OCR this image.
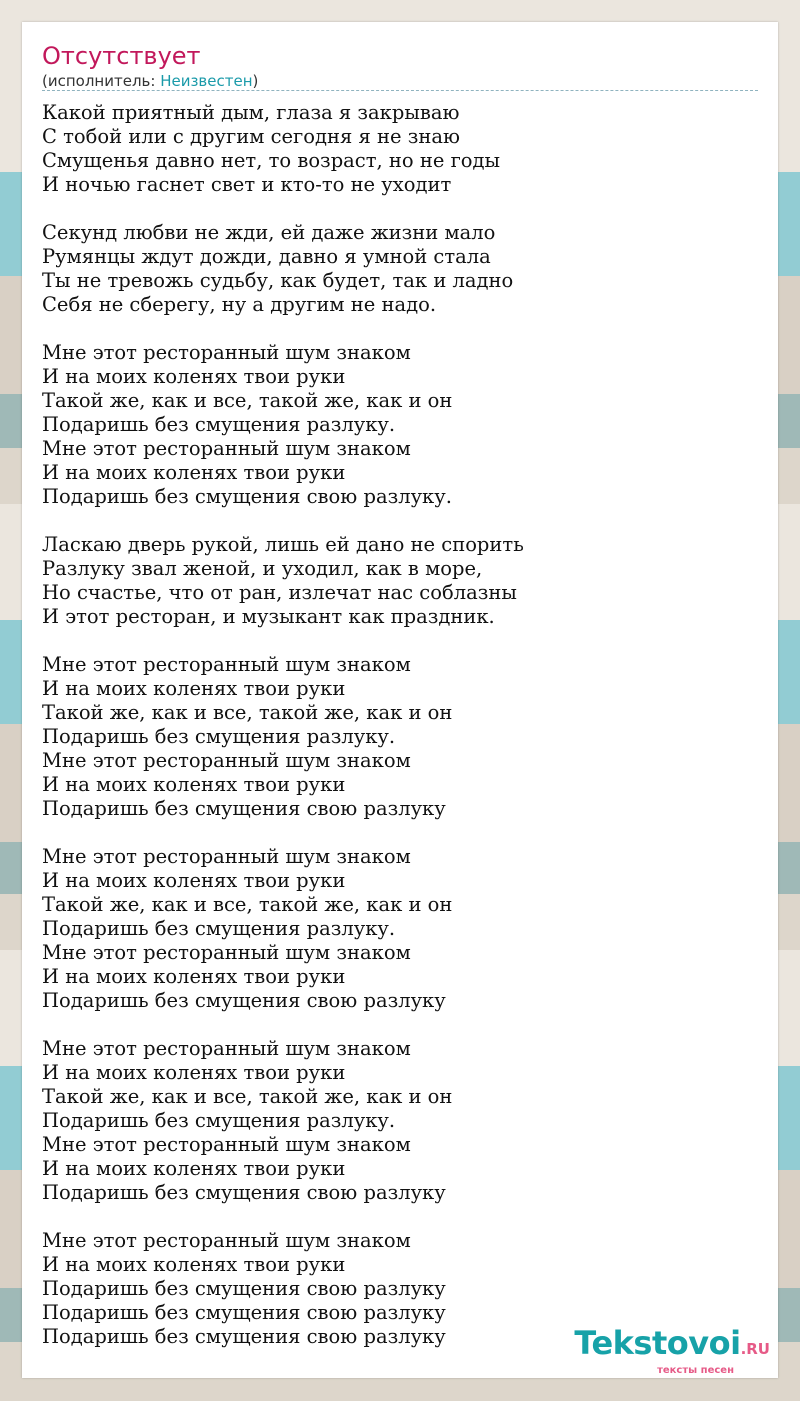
Отсутствует
(исполнитель: Неизвестен)
Какой приятный дым, глаза я закрываю
С тобой или с другим сегодня я не знаю
Смущенья давно нет, то возраст, но не годы
И ночью гаснет свет и кто-то не уходит
Секунд любви не жди, ей даже жизни мало
Румянцы ждут дожди, давно я умной стала
Ты не тревожь судьбу, как будет, так и ладно
Себя не сберегу, ну а другим не надо.
Мне этот ресторанный шум знаком
И на моих коленях твои руки
Такой же, как и все, такой же, как и он
Подаришь без смущения разлуку.
Мне этот ресторанный шум знаком
И на моих коленях твои руки
Подаришь без смущения свою разлуку.
Ласкаю дверь рукой, лишь ей дано не спорить
Разлуку звал женой, и уходил, как в море,
Но счастье, что от ран, излечат нас соблазны
И этот ресторан, и музыкант как праздник.
Мне этот ресторанный шум знаком
И на моих коленях твои руки
Такой же, как и все, такой же, как и он
Подаришь без смущения разлуку.
Мне этот ресторанный шум знаком
И на моих коленях твои руки
Подаришь без смущения свою разлуку
Мне этот ресторанный шум знаком
И на моих коленях твои руки
Такой же, как и все, такой же, как и он
Подаришь без смущения разлуку.
Мне этот ресторанный шум знаком
И на моих коленях твои руки
Подаришь без смущения свою разлуку
Мне этот ресторанный шум знаком
И на моих коленях твои руки
Такой же, как и все, такой же, как и он
Подаришь без смущения разлуку.
Мне этот ресторанный шум знаком
И на моих коленях твои руки
Подаришь без смущения свою разлуку
Мне этот ресторанный шум знаком
И на моих коленях твои руки
Подаришь без смущения свою разлуку
Подаришь без смущения свою разлуку
Подаришь без смущения свою разлуку	Tekstovoi.RU
тексты песен
